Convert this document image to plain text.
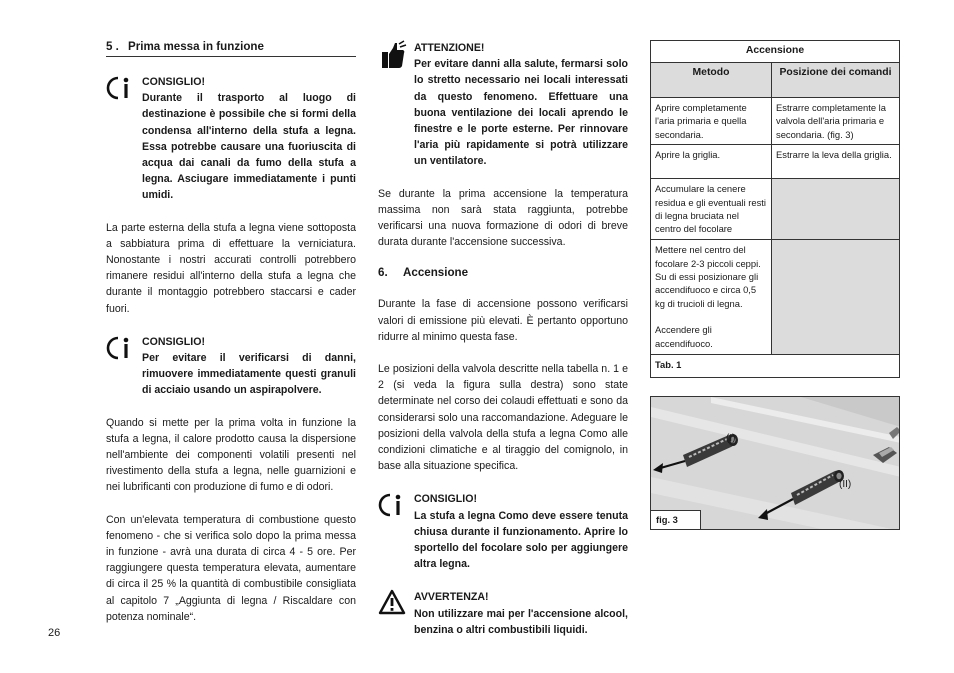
5 . Prima messa in funzione
CONSIGLIO!

Durante il trasporto al luogo di destinazione è possibile che si formi della condensa all'interno della stufa a legna. Essa potrebbe causare una fuoriuscita di acqua dai canali da fumo della stufa a legna. Asciugare immediatamente i punti umidi.

La parte esterna della stufa a legna viene sottoposta a sabbiatura prima di effettuare la verniciatura. Nonostante i nostri accurati controlli potrebbero rimanere residui all'interno della stufa a legna che durante il montaggio potrebbero staccarsi e cader fuori.

CONSIGLIO!

Per evitare il verificarsi di danni, rimuovere immediatamente questi granuli di acciaio usando un aspirapolvere.

Quando si mette per la prima volta in funzione la stufa a legna, il calore prodotto causa la dispersione nell'ambiente dei componenti volatili presenti nel rivestimento della stufa a legna, nelle guarnizioni e nei lubrificanti con produzione di fumo e di odori.

Con un'elevata temperatura di combustione questo fenomeno - che si verifica solo dopo la prima messa in funzione - avrà una durata di circa 4 - 5 ore. Per raggiungere questa temperatura elevata, aumentare di circa il 25 % la quantità di combustibile consigliata al capitolo 7 „Aggiunta di legna / Riscaldare con potenza nominale“.

ATTENZIONE!

Per evitare danni alla salute, fermarsi solo lo stretto necessario nei locali interessati da questo fenomeno. Effettuare una buona ventilazione dei locali aprendo le finestre e le porte esterne. Per rinnovare l'aria più rapidamente si potrà utilizzare un ventilatore.

Se durante la prima accensione la temperatura massima non sarà stata raggiunta, potrebbe verificarsi una nuova formazione di odori di breve durata durante l'accensione successiva.

6. Accensione

Durante la fase di accensione possono verificarsi valori di emissione più elevati. È pertanto opportuno ridurre al minimo questa fase.

Le posizioni della valvola descritte nella tabella n. 1 e 2 (si veda la figura sulla destra) sono state determinate nel corso dei colaudi effettuati e sono da considerarsi solo una raccomandazione. Adeguare le posizioni della valvola della stufa a legna Como alle condizioni climatiche e al tiraggio del comignolo, in base alla situazione specifica.

CONSIGLIO!

La stufa a legna Como deve essere tenuta chiusa durante il funzionamento. Aprire lo sportello del focolare solo per aggiungere altra legna.

AVVERTENZA!

Non utilizzare mai per l'accensione alcool, benzina o altri combustibili liquidi.

Accensione	
Metodo	Posizione dei comandi
Aprire completamente l'aria primaria e quella secondaria.	Estrarre completamente la valvola dell'aria primaria e secondaria. (fig. 3)
Aprire la griglia.	Estrarre la leva della griglia.
Accumulare la cenere residua e gli eventuali resti di legna bruciata nel centro del focolare	

Mettere nel centro del focolare 2-3 piccoli ceppi. Su di essi posizionare gli accendifuoco e circa 0,5 kg di trucioli di legna.
Accendere gli accendifuoco.	

Tab. 1	
(I)
(II)
fig. 3
26
